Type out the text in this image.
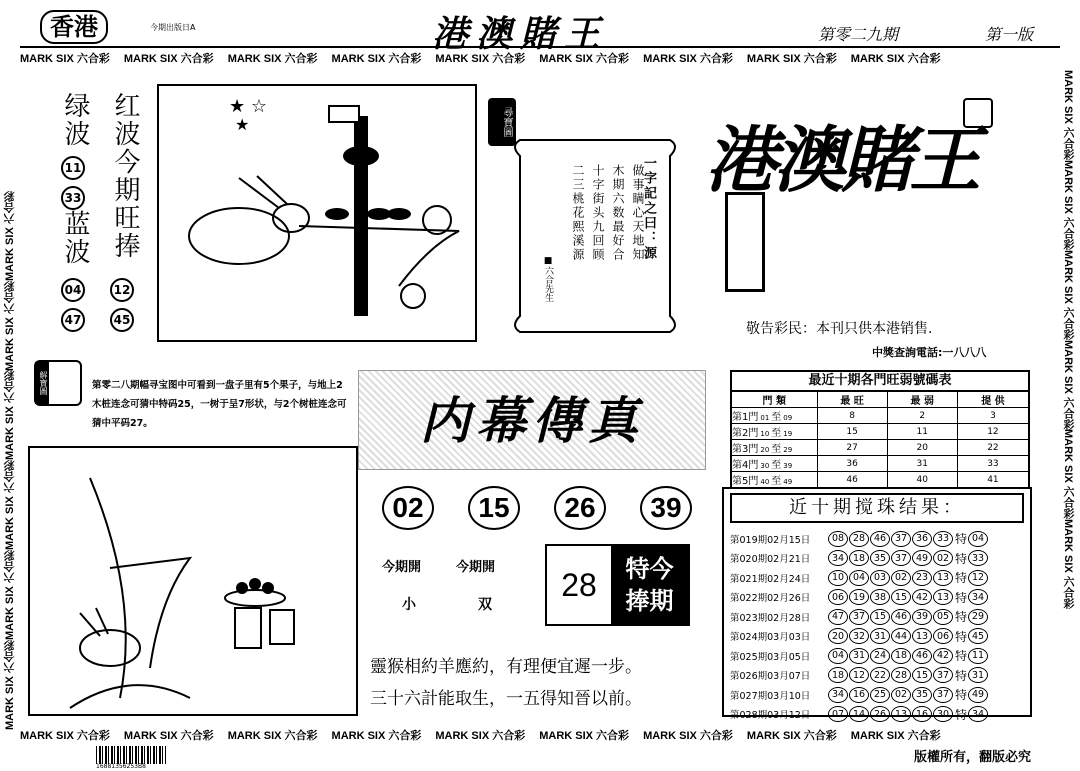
香港	今期出版日A	港澳賭王	第零二九期	第一版
MARK SIX 六合彩 MARK SIX 六合彩 MARK SIX 六合彩 MARK SIX 六合彩 MARK SIX 六合彩 MARK SIX 六合彩 MARK SIX 六合彩 MARK SIX 六合彩 MARK SIX 六合彩
MARK SIX 六合彩 MARK SIX 六合彩 MARK SIX 六合彩 MARK SIX 六合彩 MARK SIX 六合彩 MARK SIX 六合彩 MARK SIX 六合彩 MARK SIX 六合彩 MARK SIX 六合彩
MARK SIX 六合彩MARK SIX 六合彩MARK SIX 六合彩MARK SIX 六合彩MARK SIX 六合彩MARK SIX 六合彩
MARK SIX 六合彩MARK SIX 六合彩MARK SIX 六合彩MARK SIX 六合彩MARK SIX 六合彩MARK SIX 六合彩
绿波
11
33
蓝波
04
47
红波今期旺捧
12
45
★ ☆
★	尋寶圖
一字記之曰：源
做事瞒心天地知
木期六数最好合
十字街头九回顾
二三桃花熙溪源
■六合先生
港澳賭王
敬告彩民：本刊只供本港销售.
中獎查詢電話:一八八八
解寶圖	第零二八期幅寻宝图中可看到一盘子里有5个果子，与地上2木桩连念可猜中特码25，一树于呈7形状，与2个树桩连念可猜中平码27。	内幕傳真
最近十期各門旺弱號碼表
門 類	最 旺	最 弱	提 供
第1門 01 至 09	8	2	3
第2門 10 至 19	15	11	12
第3門 20 至 29	27	20	22
第4門 30 至 39	36	31	33
第5門 40 至 49	46	40	41
02	15	26	39
今期開
小
今期開
双
28	特今
捧期
靈猴相約羊應約，有理便宜遲一步。
三十六計能取生，一五得知晉以前。
近十期搅珠结果：
第019期02月15日	08 28 46 37 36 33 特 04
第020期02月21日	34 18 35 37 49 02 特 33
第021期02月24日	10 04 03 02 23 13 特 12
第022期02月26日	06 19 38 15 42 13 特 34
第023期02月28日	47 37 15 46 39 05 特 29
第024期03月03日	20 32 31 44 13 06 特 45
第025期03月05日	04 31 24 18 46 42 特 11
第026期03月07日	18 12 22 28 15 37 特 31
第027期03月10日	34 16 25 02 35 37 特 49
第028期03月12日	07 14 26 13 16 30 特 34
16881356253B8
版權所有，翻版必究
